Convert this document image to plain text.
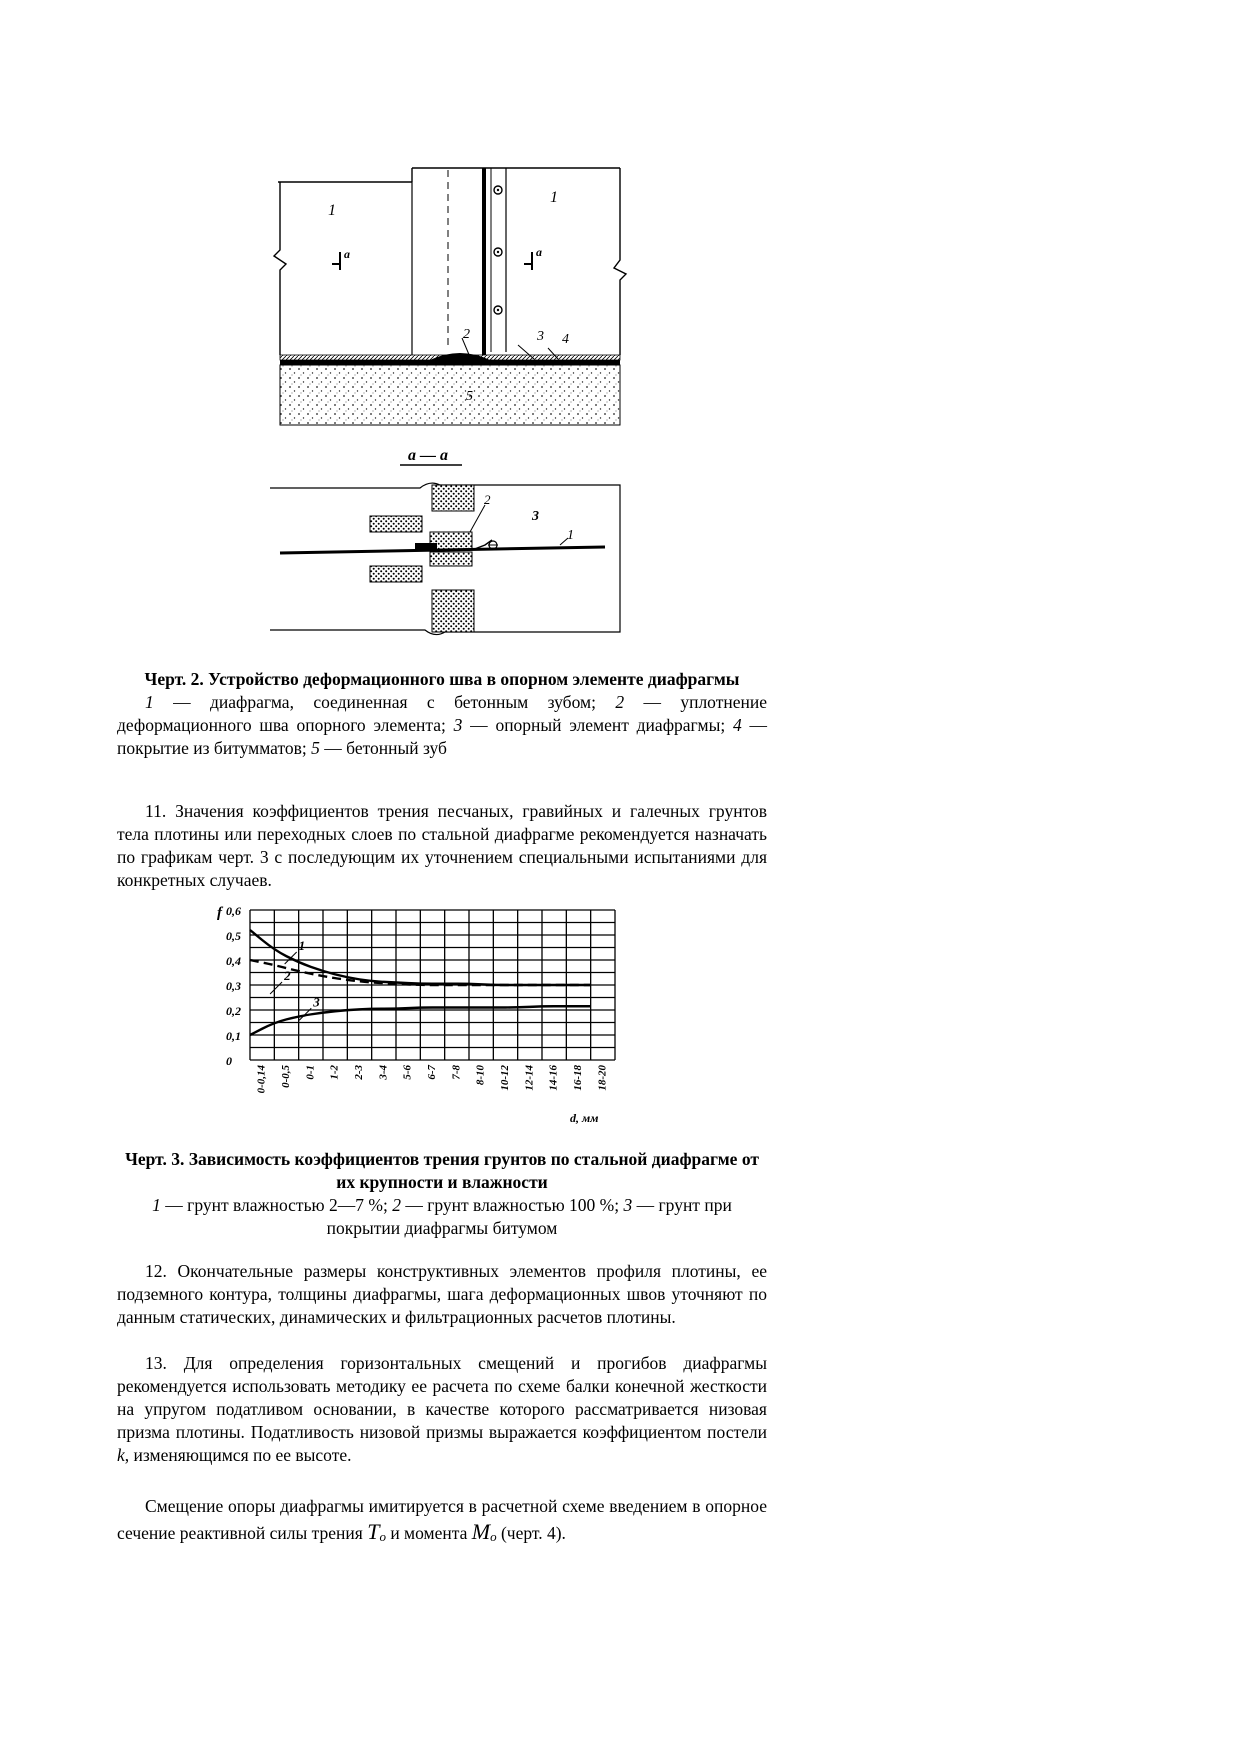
1
1
2	3 4
5
a	a
а — а
2
3
1
Черт. 2. Устройство деформационного шва в опорном элементе диафрагмы
1 — диафрагма, соединенная с бетонным зубом; 2 — уплотнение деформационного шва опорного элемента; 3 — опорный элемент диафрагмы; 4 — покрытие из битумматов; 5 — бетонный зуб

11. Значения коэффициентов трения песчаных, гравийных и галечных грунтов тела плотины или переходных слоев по стальной диафрагме рекомендуется назначать по графикам черт. 3 с последующим их уточнением специальными испытаниями для конкретных случаев.

0
0,1
0,2
0,3
0,4
0,5
0,6
f
0-0,14 0-0,5 0-1 1-2 2-3 3-4 5-6 6-7 7-8 8-10 10-12 12-14 14-16 16-18 18-20
d, мм
1
2
3
Черт. 3. Зависимость коэффициентов трения грунтов по стальной диафрагме от их крупности и влажности
1 — грунт влажностью 2—7 %; 2 — грунт влажностью 100 %; 3 — грунт при покрытии диафрагмы битумом

12. Окончательные размеры конструктивных элементов профиля плотины, ее подземного контура, толщины диафрагмы, шага деформационных швов уточняют по данным статических, динамических и фильтрационных расчетов плотины.

13. Для определения горизонтальных смещений и прогибов диафрагмы рекомендуется использовать методику ее расчета по схеме балки конечной жесткости на упругом податливом основании, в качестве которого рассматривается низовая призма плотины. Податливость низовой призмы выражается коэффициентом постели k, изменяющимся по ее высоте.

Смещение опоры диафрагмы имитируется в расчетной схеме введением в опорное сечение реактивной силы трения To и момента Mo (черт. 4).
